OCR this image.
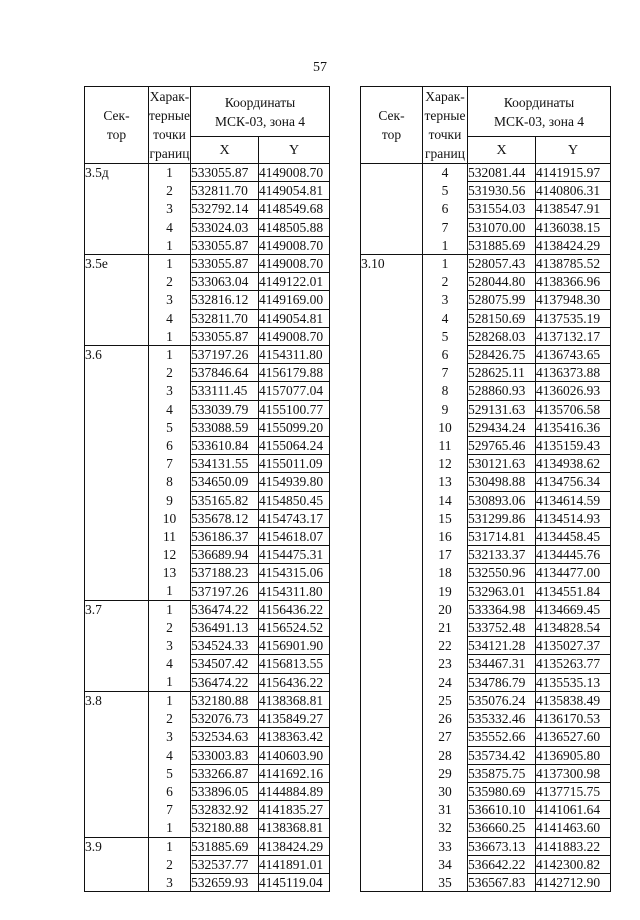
57
Сек-
тор	Харак-
терные
точки
границ	Координаты
МСК-03, зона 4	

		X	Y
3.5д	1	533055.87	4149008.70
	2	532811.70	4149054.81
	3	532792.14	4148549.68
	4	533024.03	4148505.88
	1	533055.87	4149008.70
3.5е	1	533055.87	4149008.70
	2	533063.04	4149122.01
	3	532816.12	4149169.00
	4	532811.70	4149054.81
	1	533055.87	4149008.70
3.6	1	537197.26	4154311.80
	2	537846.64	4156179.88
	3	533111.45	4157077.04
	4	533039.79	4155100.77
	5	533088.59	4155099.20
	6	533610.84	4155064.24
	7	534131.55	4155011.09
	8	534650.09	4154939.80
	9	535165.82	4154850.45
	10	535678.12	4154743.17
	11	536186.37	4154618.07
	12	536689.94	4154475.31
	13	537188.23	4154315.06
	1	537197.26	4154311.80
3.7	1	536474.22	4156436.22
	2	536491.13	4156524.52
	3	534524.33	4156901.90
	4	534507.42	4156813.55
	1	536474.22	4156436.22
3.8	1	532180.88	4138368.81
	2	532076.73	4135849.27
	3	532534.63	4138363.42
	4	533003.83	4140603.90
	5	533266.87	4141692.16
	6	533896.05	4144884.89
	7	532832.92	4141835.27
	1	532180.88	4138368.81
3.9	1	531885.69	4138424.29
	2	532537.77	4141891.01
	3	532659.93	4145119.04
Сек-
тор	Харак-
терные
точки
границ	Координаты
МСК-03, зона 4	

		X	Y
	4	532081.44	4141915.97
	5	531930.56	4140806.31
	6	531554.03	4138547.91
	7	531070.00	4136038.15
	1	531885.69	4138424.29
3.10	1	528057.43	4138785.52
	2	528044.80	4138366.96
	3	528075.99	4137948.30
	4	528150.69	4137535.19
	5	528268.03	4137132.17
	6	528426.75	4136743.65
	7	528625.11	4136373.88
	8	528860.93	4136026.93
	9	529131.63	4135706.58
	10	529434.24	4135416.36
	11	529765.46	4135159.43
	12	530121.63	4134938.62
	13	530498.88	4134756.34
	14	530893.06	4134614.59
	15	531299.86	4134514.93
	16	531714.81	4134458.45
	17	532133.37	4134445.76
	18	532550.96	4134477.00
	19	532963.01	4134551.84
	20	533364.98	4134669.45
	21	533752.48	4134828.54
	22	534121.28	4135027.37
	23	534467.31	4135263.77
	24	534786.79	4135535.13
	25	535076.24	4135838.49
	26	535332.46	4136170.53
	27	535552.66	4136527.60
	28	535734.42	4136905.80
	29	535875.75	4137300.98
	30	535980.69	4137715.75
	31	536610.10	4141061.64
	32	536660.25	4141463.60
	33	536673.13	4141883.22
	34	536642.22	4142300.82
	35	536567.83	4142712.90
